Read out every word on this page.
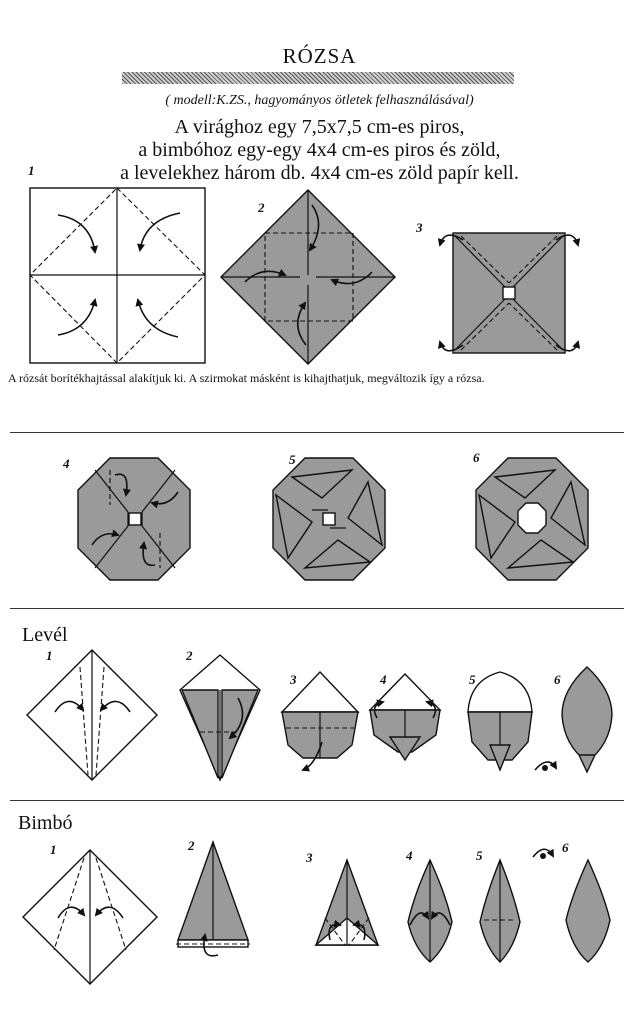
RÓZSA
( modell:K.ZS., hagyományos ötletek felhasználásával)
A virághoz egy 7,5x7,5 cm-es piros,
a bimbóhoz egy-egy 4x4 cm-es piros és zöld,
a levelekhez három db. 4x4 cm-es zöld papír kell.
1
2
3
A rózsát borítékhajtással alakítjuk ki. A szirmokat másként is kihajthatjuk, megváltozik így a rózsa.
4	5	6
Levél
1	2
3	4	5	6
Bimbó
1	2
3	4	5
6
